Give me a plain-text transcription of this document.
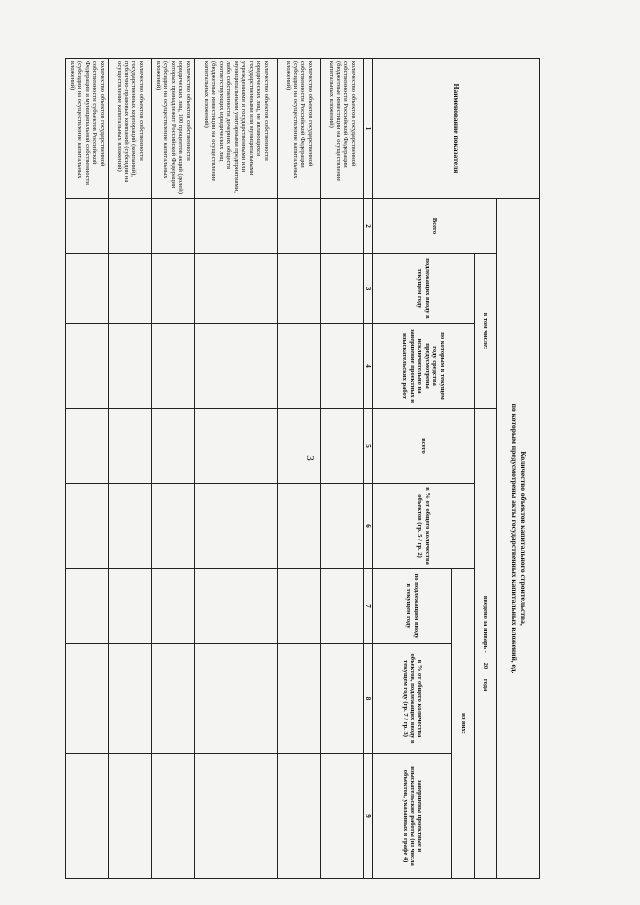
3
Наименование показателя	Количество объектов капитального строительства,
по которым предусмотрены акты государственных капитальных вложений, ед.							
	Всего	в том числе:		введено за январь -      20      года				
		подлежащих вводу в текущем году	по которым в текущем году средства предусмотрены исключительно на завершение проектных и изыскательских работ	всего	в % от общего количества объектов (гр. 5 / гр. 2)	из них:		
						по подлежащим вводу в текущем году	в % от общего количества объектов, подлежащих вводу в текущем году (гр. 7 / гр. 3)	завершены проектные и изыскательские работы (из числа объектов, указанных в графе 4)

1	2	3	4	5	6	7	8	9
количество объектов государственной собственности Российской Федерации (бюджетные инвестиции на осуществление капитальных вложений)								
количество объектов государственной собственности Российской Федерации (субсидии на осуществление капитальных вложений)								
количество объектов собственности юридических лиц, не являющихся государственными или муниципальными учреждениями и государственными или муниципальными унитарными предприятиями, либо собственности дочерних обществ соответствующих юридических лиц (бюджетные инвестиции на осуществление капитальных вложений)								
количество объектов собственности юридических лиц, 100 процентов акций (долей) которых принадлежит Российской Федерации (субсидии на осуществление капитальных вложений)								
количество объектов собственности государственных корпораций (компаний), публично-правовых компаний (субсидии на осуществление капитальных вложений)								
количество объектов государственной собственности субъектов Российской Федерации и муниципальной собственности (субсидии на осуществление капитальных вложений)								
